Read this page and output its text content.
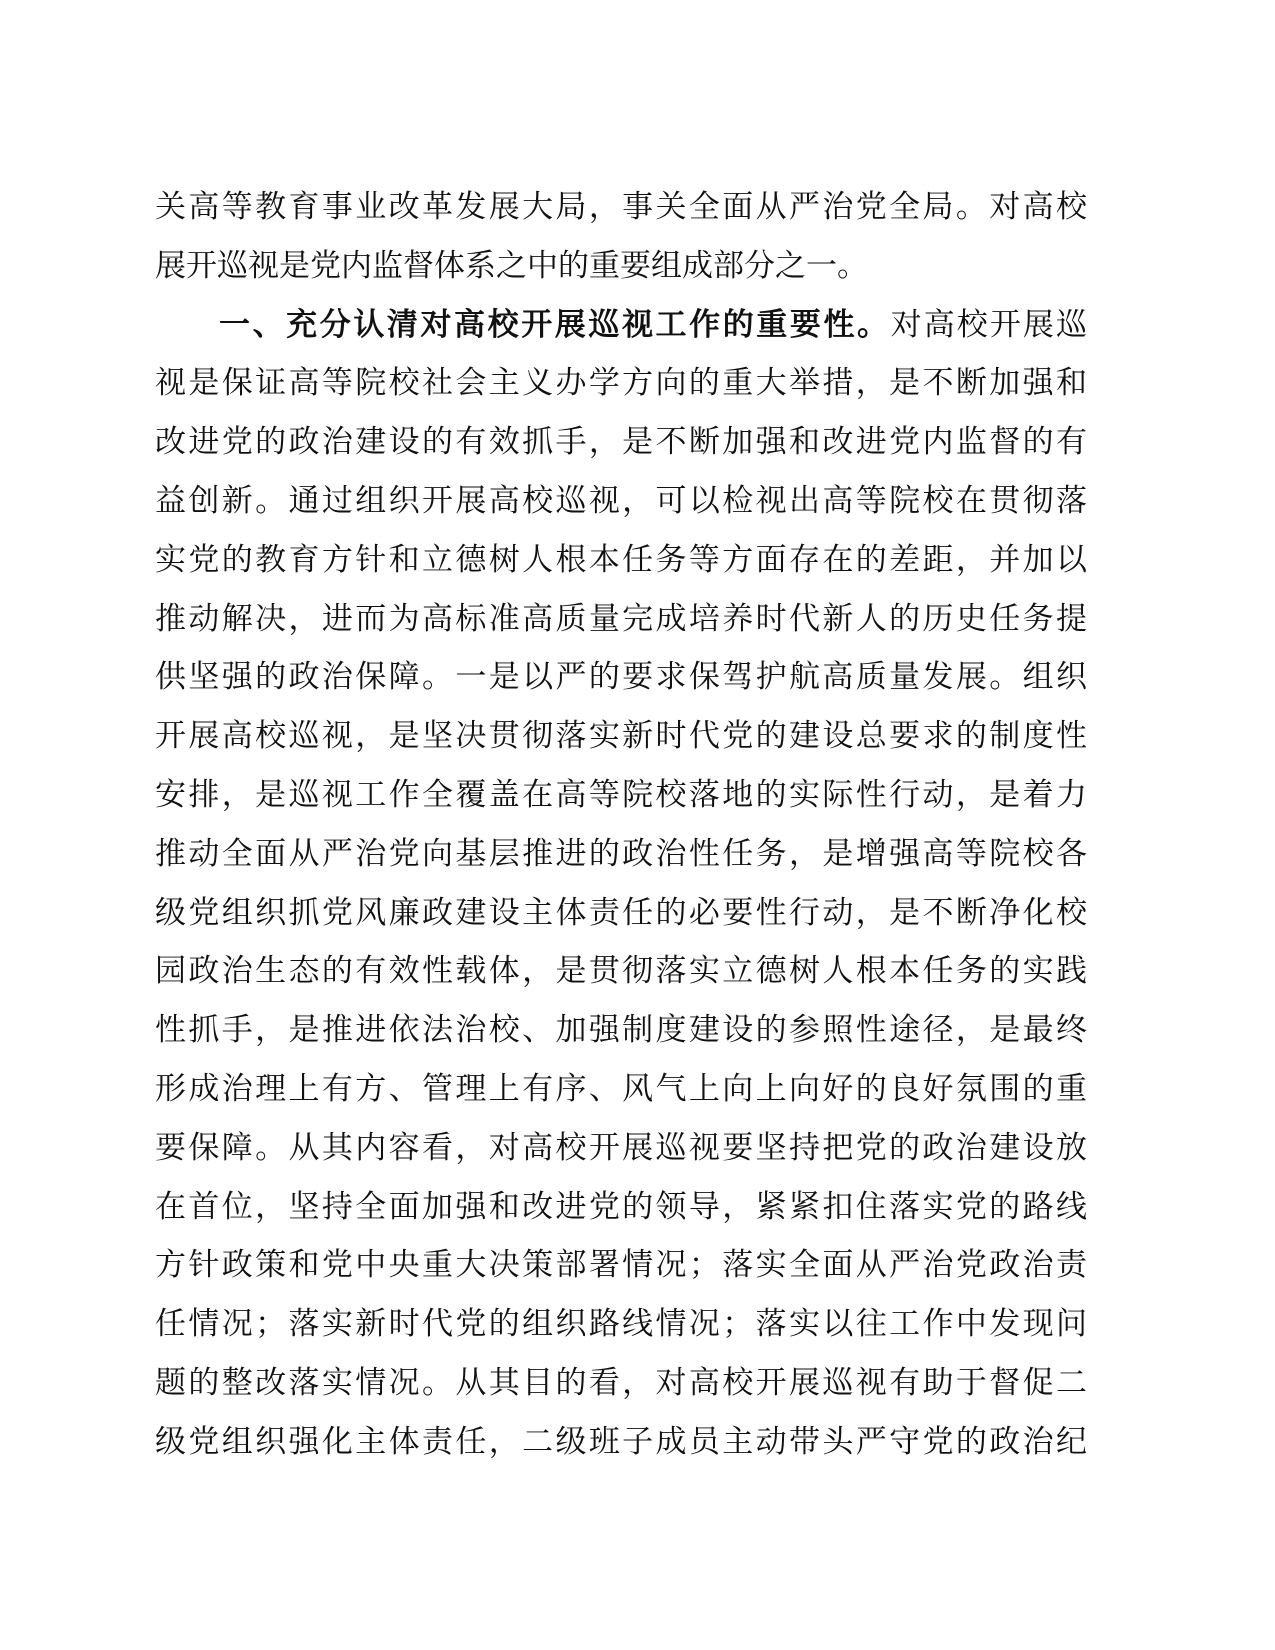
关高等教育事业改革发展大局，事关全面从严治党全局。对高校
展开巡视是党内监督体系之中的重要组成部分之一。
一、充分认清对高校开展巡视工作的重要性。对高校开展巡
视是保证高等院校社会主义办学方向的重大举措，是不断加强和
改进党的政治建设的有效抓手，是不断加强和改进党内监督的有
益创新。通过组织开展高校巡视，可以检视出高等院校在贯彻落
实党的教育方针和立德树人根本任务等方面存在的差距，并加以
推动解决，进而为高标准高质量完成培养时代新人的历史任务提
供坚强的政治保障。一是以严的要求保驾护航高质量发展。组织
开展高校巡视，是坚决贯彻落实新时代党的建设总要求的制度性
安排，是巡视工作全覆盖在高等院校落地的实际性行动，是着力
推动全面从严治党向基层推进的政治性任务，是增强高等院校各
级党组织抓党风廉政建设主体责任的必要性行动，是不断净化校
园政治生态的有效性载体，是贯彻落实立德树人根本任务的实践
性抓手，是推进依法治校、加强制度建设的参照性途径，是最终
形成治理上有方、管理上有序、风气上向上向好的良好氛围的重
要保障。从其内容看，对高校开展巡视要坚持把党的政治建设放
在首位，坚持全面加强和改进党的领导，紧紧扣住落实党的路线
方针政策和党中央重大决策部署情况；落实全面从严治党政治责
任情况；落实新时代党的组织路线情况；落实以往工作中发现问
题的整改落实情况。从其目的看，对高校开展巡视有助于督促二
级党组织强化主体责任，二级班子成员主动带头严守党的政治纪
